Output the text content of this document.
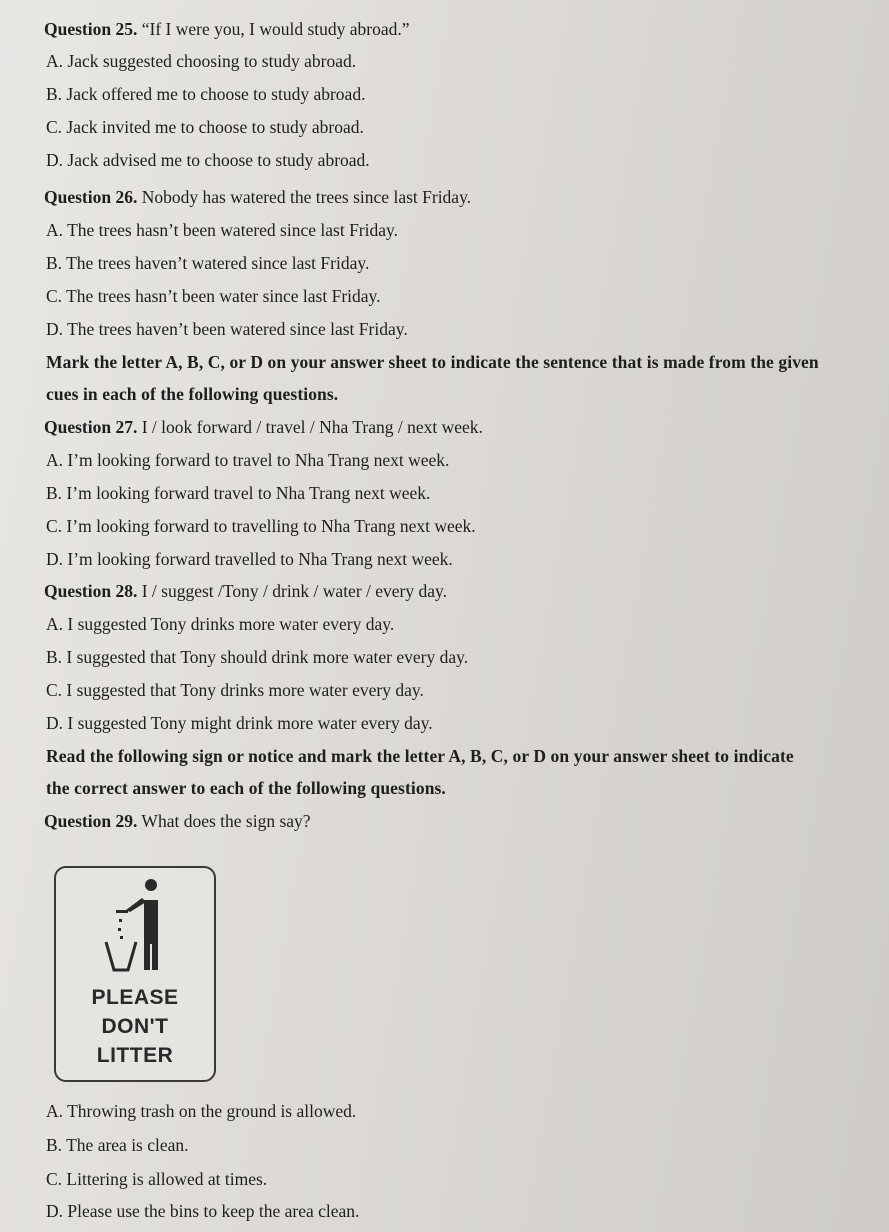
Question 25. “If I were you, I would study abroad.”
A. Jack suggested choosing to study abroad.
B. Jack offered me to choose to study abroad.
C. Jack invited me to choose to study abroad.
D. Jack advised me to choose to study abroad.
Question 26. Nobody has watered the trees since last Friday.
A. The trees hasn’t been watered since last Friday.
B. The trees haven’t watered since last Friday.
C. The trees hasn’t been water since last Friday.
D. The trees haven’t been watered since last Friday.
Mark the letter A, B, C, or D on your answer sheet to indicate the sentence that is made from the given
cues in each of the following questions.
Question 27. I / look forward / travel / Nha Trang / next week.
A. I’m looking forward to travel to Nha Trang next week.
B. I’m looking forward travel to Nha Trang next week.
C. I’m looking forward to travelling to Nha Trang next week.
D. I’m looking forward travelled to Nha Trang next week.
Question 28. I / suggest /Tony / drink / water / every day.
A. I suggested Tony drinks more water every day.
B. I suggested that Tony should drink more water every day.
C. I suggested that Tony drinks more water every day.
D. I suggested Tony might drink more water every day.
Read the following sign or notice and mark the letter A, B, C, or D on your answer sheet to indicate
the correct answer to each of the following questions.
Question 29. What does the sign say?
PLEASE
DON'T
LITTER
A. Throwing trash on the ground is allowed.
B. The area is clean.
C. Littering is allowed at times.
D. Please use the bins to keep the area clean.
